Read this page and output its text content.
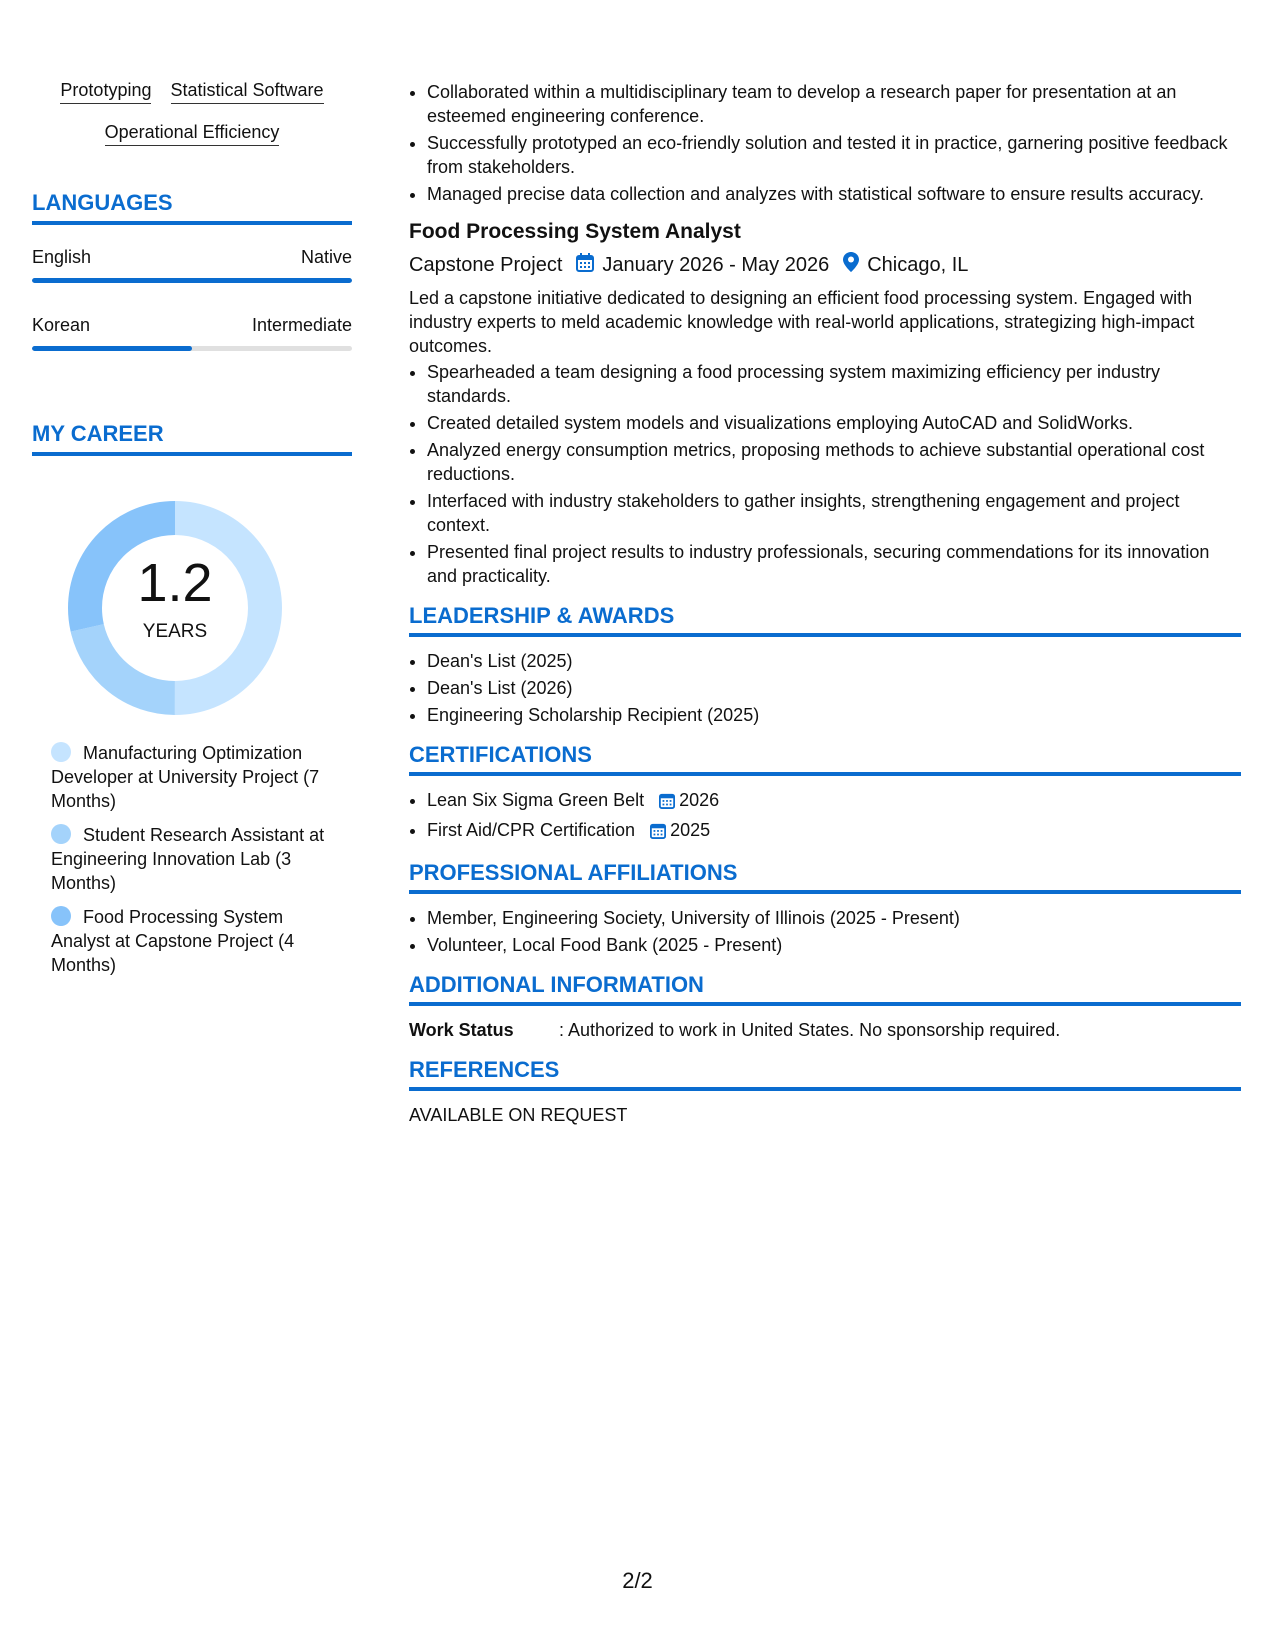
Prototyping Statistical Software
Operational Efficiency
LANGUAGES
English	Native
Korean	Intermediate
MY CAREER
1.2
YEARS
Manufacturing Optimization Developer at University Project (7 Months)
Student Research Assistant at Engineering Innovation Lab (3 Months)
Food Processing System Analyst at Capstone Project (4 Months)
• Collaborated within a multidisciplinary team to develop a research paper for presentation at an esteemed engineering conference.
• Successfully prototyped an eco-friendly solution and tested it in practice, garnering positive feedback from stakeholders.
• Managed precise data collection and analyzes with statistical software to ensure results accuracy.
Food Processing System Analyst
Capstone Project January 2026 - May 2026 Chicago, IL
Led a capstone initiative dedicated to designing an efficient food processing system. Engaged with industry experts to meld academic knowledge with real-world applications, strategizing high-impact outcomes.
• Spearheaded a team designing a food processing system maximizing efficiency per industry standards.
• Created detailed system models and visualizations employing AutoCAD and SolidWorks.
• Analyzed energy consumption metrics, proposing methods to achieve substantial operational cost reductions.
• Interfaced with industry stakeholders to gather insights, strengthening engagement and project context.
• Presented final project results to industry professionals, securing commendations for its innovation and practicality.
LEADERSHIP & AWARDS
• Dean's List (2025)
• Dean's List (2026)
• Engineering Scholarship Recipient (2025)
CERTIFICATIONS
• Lean Six Sigma Green Belt 2026
• First Aid/CPR Certification 2025
PROFESSIONAL AFFILIATIONS
• Member, Engineering Society, University of Illinois (2025 - Present)
• Volunteer, Local Food Bank (2025 - Present)
ADDITIONAL INFORMATION
Work Status	: Authorized to work in United States. No sponsorship required.
REFERENCES
AVAILABLE ON REQUEST
2/2
